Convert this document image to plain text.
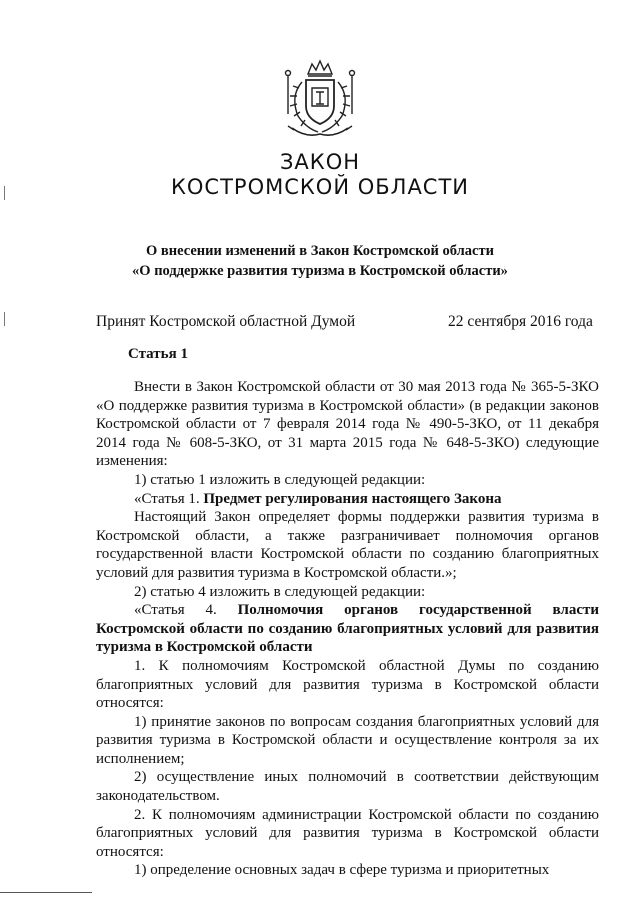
ЗАКОН
КОСТРОМСКОЙ ОБЛАСТИ
О внесении изменений в Закон Костромской области
«О поддержке развития туризма в Костромской области»
Принят Костромской областной Думой	22 сентября 2016 года
Статья 1

Внести в Закон Костромской области от 30 мая 2013 года № 365-5-ЗКО «О поддержке развития туризма в Костромской области» (в редакции законов Костромской области от 7 февраля 2014 года № 490-5-ЗКО, от 11 декабря 2014 года № 608-5-ЗКО, от 31 марта 2015 года № 648-5-ЗКО) следующие изменения:

1) статью 1 изложить в следующей редакции:

«Статья 1. Предмет регулирования настоящего Закона

Настоящий Закон определяет формы поддержки развития туризма в Костромской области, а также разграничивает полномочия органов государственной власти Костромской области по созданию благоприятных условий для развития туризма в Костромской области.»;

2) статью 4 изложить в следующей редакции:

«Статья 4. Полномочия органов государственной власти Костромской области по созданию благоприятных условий для развития туризма в Костромской области

1. К полномочиям Костромской областной Думы по созданию благоприятных условий для развития туризма в Костромской области относятся:

1) принятие законов по вопросам создания благоприятных условий для развития туризма в Костромской области и осуществление контроля за их исполнением;

2) осуществление иных полномочий в соответствии действующим законодательством.

2. К полномочиям администрации Костромской области по созданию благоприятных условий для развития туризма в Костромской области относятся:

1) определение основных задач в сфере туризма и приоритетных
